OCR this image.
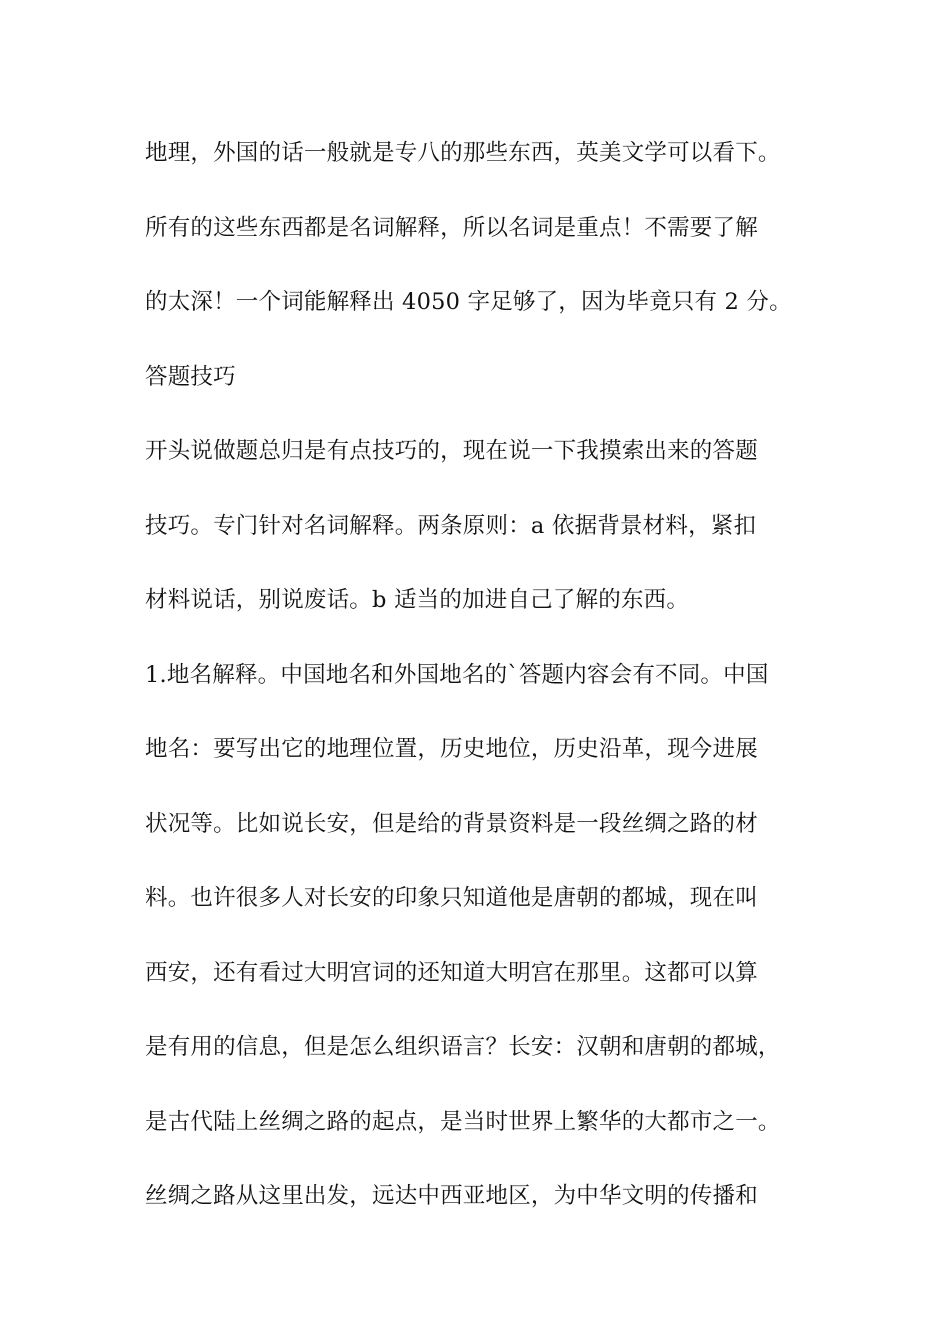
地理，外国的话一般就是专八的那些东西，英美文学可以看下。
所有的这些东西都是名词解释，所以名词是重点！不需要了解
的太深！一个词能解释出 4050 字足够了，因为毕竟只有 2 分。
答题技巧
开头说做题总归是有点技巧的，现在说一下我摸索出来的答题
技巧。专门针对名词解释。两条原则：a 依据背景材料，紧扣
材料说话，别说废话。b 适当的加进自己了解的东西。
1.地名解释。中国地名和外国地名的`答题内容会有不同。中国
地名：要写出它的地理位置，历史地位，历史沿革，现今进展
状况等。比如说长安，但是给的背景资料是一段丝绸之路的材
料。也许很多人对长安的印象只知道他是唐朝的都城，现在叫
西安，还有看过大明宫词的还知道大明宫在那里。这都可以算
是有用的信息，但是怎么组织语言？长安：汉朝和唐朝的都城，
是古代陆上丝绸之路的起点，是当时世界上繁华的大都市之一。
丝绸之路从这里出发，远达中西亚地区，为中华文明的传播和
